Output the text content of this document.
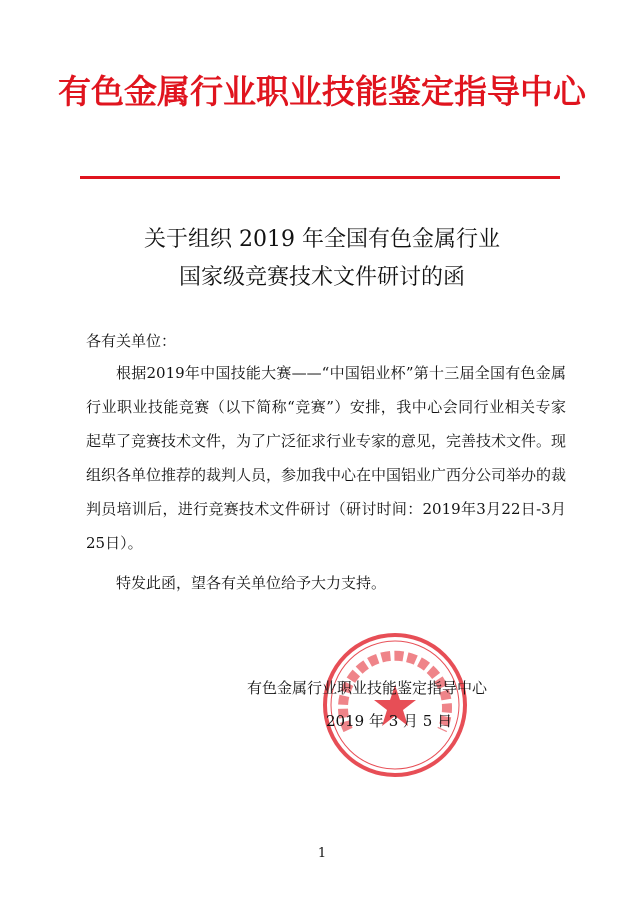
有色金属行业职业技能鉴定指导中心
关于组织 2019 年全国有色金属行业
国家级竞赛技术文件研讨的函
各有关单位：
根据2019年中国技能大赛——“中国铝业杯”第十三届全国有色金属行业职业技能竞赛（以下简称“竞赛”）安排，我中心会同行业相关专家起草了竞赛技术文件，为了广泛征求行业专家的意见，完善技术文件。现组织各单位推荐的裁判人员，参加我中心在中国铝业广西分公司举办的裁判员培训后，进行竞赛技术文件研讨（研讨时间：2019年3月22日-3月25日）。
特发此函，望各有关单位给予大力支持。
有色金属行业职业技能鉴定指导中心
2019 年 3 月 5 日
1
